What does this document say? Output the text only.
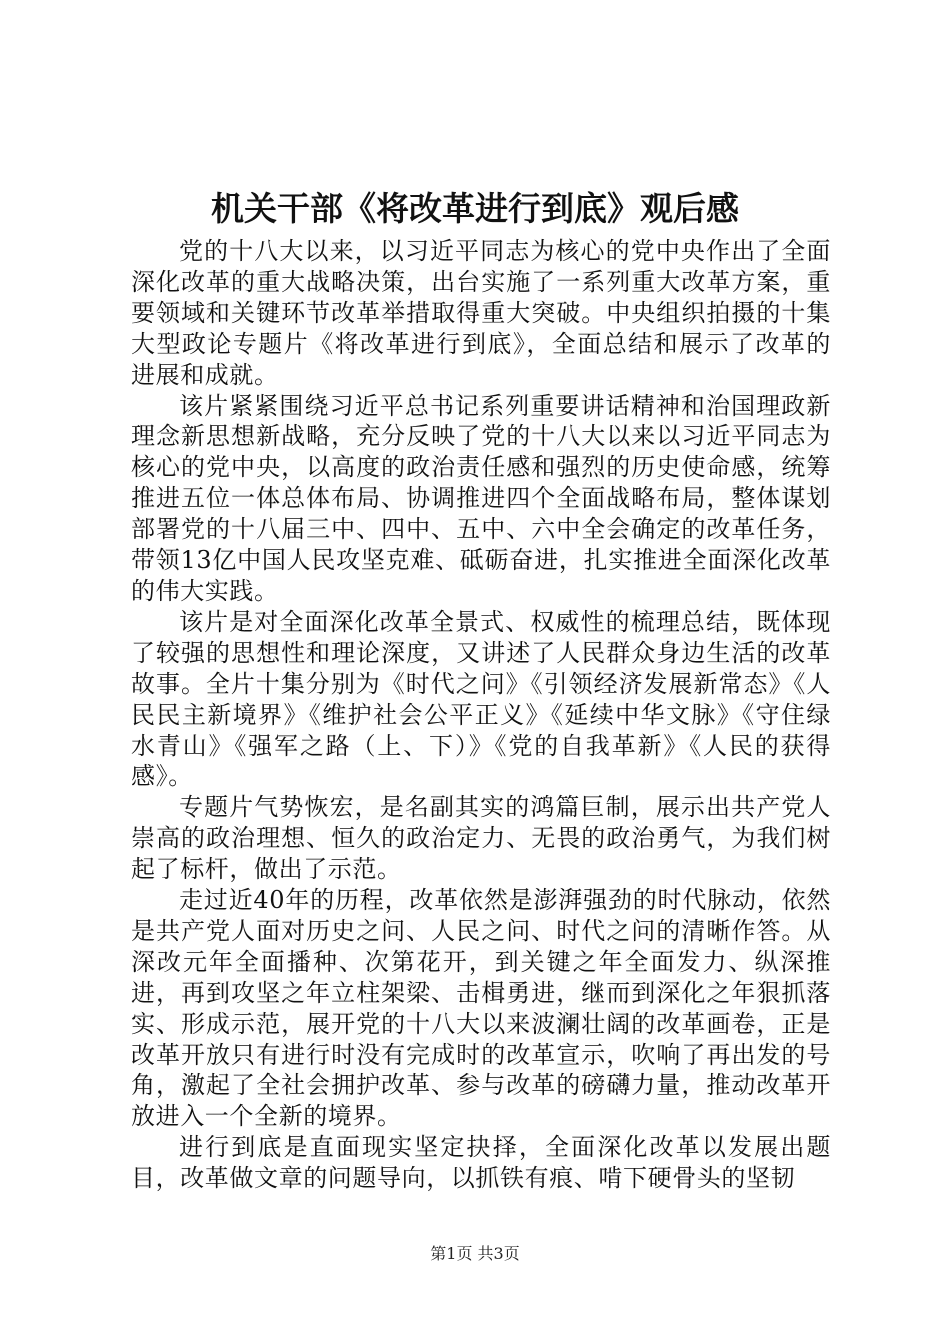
机关干部《将改革进行到底》观后感

党的十八大以来，以习近平同志为核心的党中央作出了全面深化改革的重大战略决策，出台实施了一系列重大改革方案，重要领域和关键环节改革举措取得重大突破。中央组织拍摄的十集大型政论专题片《将改革进行到底》，全面总结和展示了改革的进展和成就。

该片紧紧围绕习近平总书记系列重要讲话精神和治国理政新理念新思想新战略，充分反映了党的十八大以来以习近平同志为核心的党中央，以高度的政治责任感和强烈的历史使命感，统筹推进五位一体总体布局、协调推进四个全面战略布局，整体谋划部署党的十八届三中、四中、五中、六中全会确定的改革任务，带领13亿中国人民攻坚克难、砥砺奋进，扎实推进全面深化改革的伟大实践。

该片是对全面深化改革全景式、权威性的梳理总结，既体现了较强的思想性和理论深度，又讲述了人民群众身边生活的改革故事。全片十集分别为《时代之问》《引领经济发展新常态》《人民民主新境界》《维护社会公平正义》《延续中华文脉》《守住绿水青山》《强军之路（上、下）》《党的自我革新》《人民的获得感》。

专题片气势恢宏，是名副其实的鸿篇巨制，展示出共产党人崇高的政治理想、恒久的政治定力、无畏的政治勇气，为我们树起了标杆，做出了示范。

走过近40年的历程，改革依然是澎湃强劲的时代脉动，依然是共产党人面对历史之问、人民之问、时代之问的清晰作答。从深改元年全面播种、次第花开，到关键之年全面发力、纵深推进，再到攻坚之年立柱架梁、击楫勇进，继而到深化之年狠抓落实、形成示范，展开党的十八大以来波澜壮阔的改革画卷，正是改革开放只有进行时没有完成时的改革宣示，吹响了再出发的号角，激起了全社会拥护改革、参与改革的磅礴力量，推动改革开放进入一个全新的境界。

进行到底是直面现实坚定抉择，全面深化改革以发展出题目，改革做文章的问题导向，以抓铁有痕、啃下硬骨头的坚韧

第1页 共3页
